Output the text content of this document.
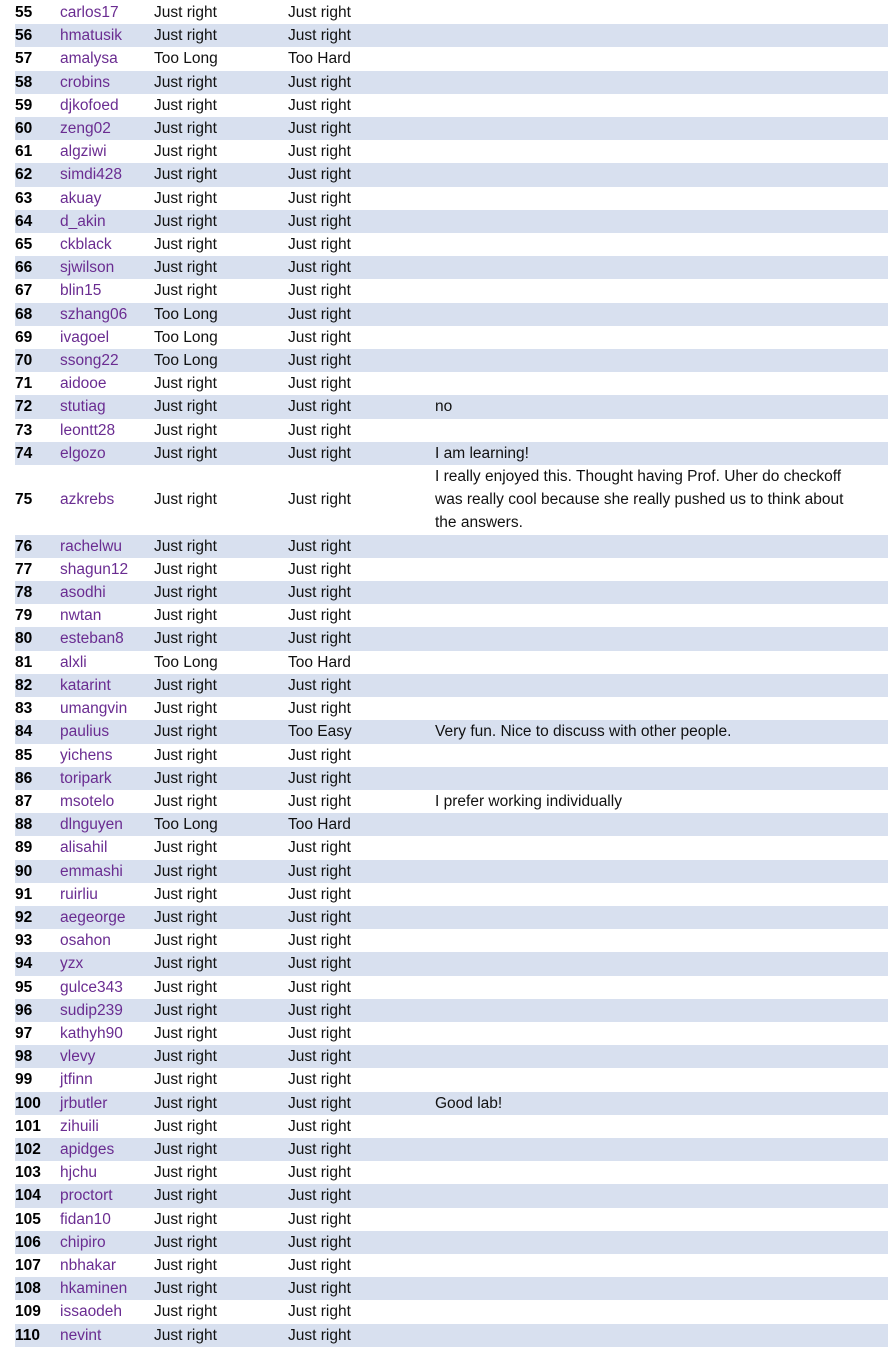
55	carlos17	Just right	Just right	
56	hmatusik	Just right	Just right	
57	amalysa	Too Long	Too Hard	
58	crobins	Just right	Just right	
59	djkofoed	Just right	Just right	
60	zeng02	Just right	Just right	
61	algziwi	Just right	Just right	
62	simdi428	Just right	Just right	
63	akuay	Just right	Just right	
64	d_akin	Just right	Just right	
65	ckblack	Just right	Just right	
66	sjwilson	Just right	Just right	
67	blin15	Just right	Just right	
68	szhang06	Too Long	Just right	
69	ivagoel	Too Long	Just right	
70	ssong22	Too Long	Just right	
71	aidooe	Just right	Just right	
72	stutiag	Just right	Just right	no
73	leontt28	Just right	Just right	
74	elgozo	Just right	Just right	I am learning!
75	azkrebs	Just right	Just right	I really enjoyed this. Thought having Prof. Uher do checkoff was really cool because she really pushed us to think about the answers.
76	rachelwu	Just right	Just right	
77	shagun12	Just right	Just right	
78	asodhi	Just right	Just right	
79	nwtan	Just right	Just right	
80	esteban8	Just right	Just right	
81	alxli	Too Long	Too Hard	
82	katarint	Just right	Just right	
83	umangvin	Just right	Just right	
84	paulius	Just right	Too Easy	Very fun. Nice to discuss with other people.
85	yichens	Just right	Just right	
86	toripark	Just right	Just right	
87	msotelo	Just right	Just right	I prefer working individually
88	dlnguyen	Too Long	Too Hard	
89	alisahil	Just right	Just right	
90	emmashi	Just right	Just right	
91	ruirliu	Just right	Just right	
92	aegeorge	Just right	Just right	
93	osahon	Just right	Just right	
94	yzx	Just right	Just right	
95	gulce343	Just right	Just right	
96	sudip239	Just right	Just right	
97	kathyh90	Just right	Just right	
98	vlevy	Just right	Just right	
99	jtfinn	Just right	Just right	
100	jrbutler	Just right	Just right	Good lab!
101	zihuili	Just right	Just right	
102	apidges	Just right	Just right	
103	hjchu	Just right	Just right	
104	proctort	Just right	Just right	
105	fidan10	Just right	Just right	
106	chipiro	Just right	Just right	
107	nbhakar	Just right	Just right	
108	hkaminen	Just right	Just right	
109	issaodeh	Just right	Just right	
110	nevint	Just right	Just right	
